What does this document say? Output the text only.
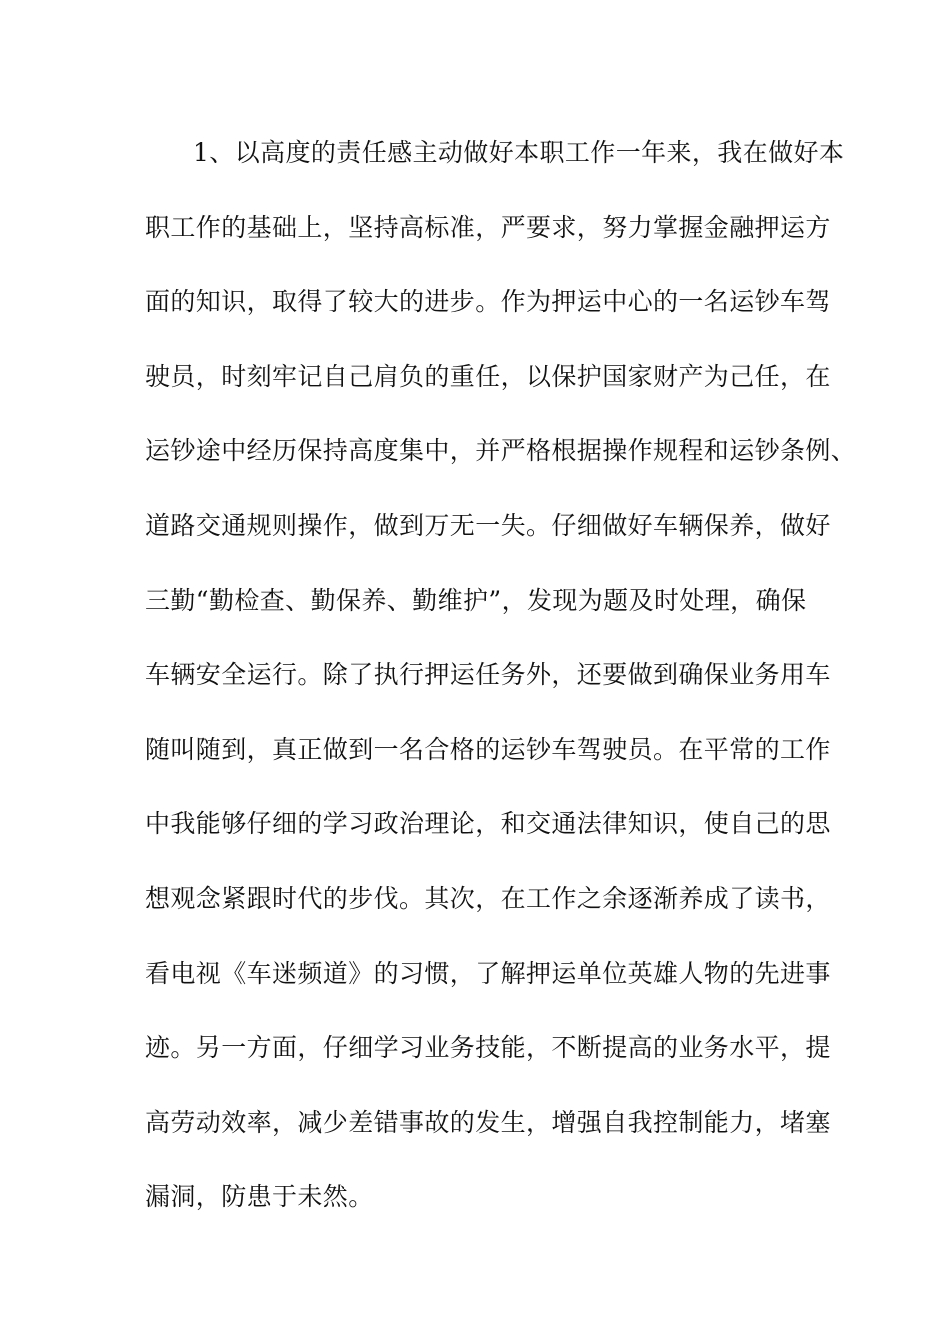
1、以高度的责任感主动做好本职工作一年来，我在做好本
职工作的基础上，坚持高标准，严要求，努力掌握金融押运方
面的知识，取得了较大的进步。作为押运中心的一名运钞车驾
驶员，时刻牢记自己肩负的重任，以保护国家财产为己任，在
运钞途中经历保持高度集中，并严格根据操作规程和运钞条例、
道路交通规则操作，做到万无一失。仔细做好车辆保养，做好
三勤“勤检查、勤保养、勤维护”，发现为题及时处理，确保
车辆安全运行。除了执行押运任务外，还要做到确保业务用车
随叫随到，真正做到一名合格的运钞车驾驶员。在平常的工作
中我能够仔细的学习政治理论，和交通法律知识，使自己的思
想观念紧跟时代的步伐。其次，在工作之余逐渐养成了读书，
看电视《车迷频道》的习惯，了解押运单位英雄人物的先进事
迹。另一方面，仔细学习业务技能，不断提高的业务水平，提
高劳动效率，减少差错事故的发生，增强自我控制能力，堵塞
漏洞，防患于未然。
